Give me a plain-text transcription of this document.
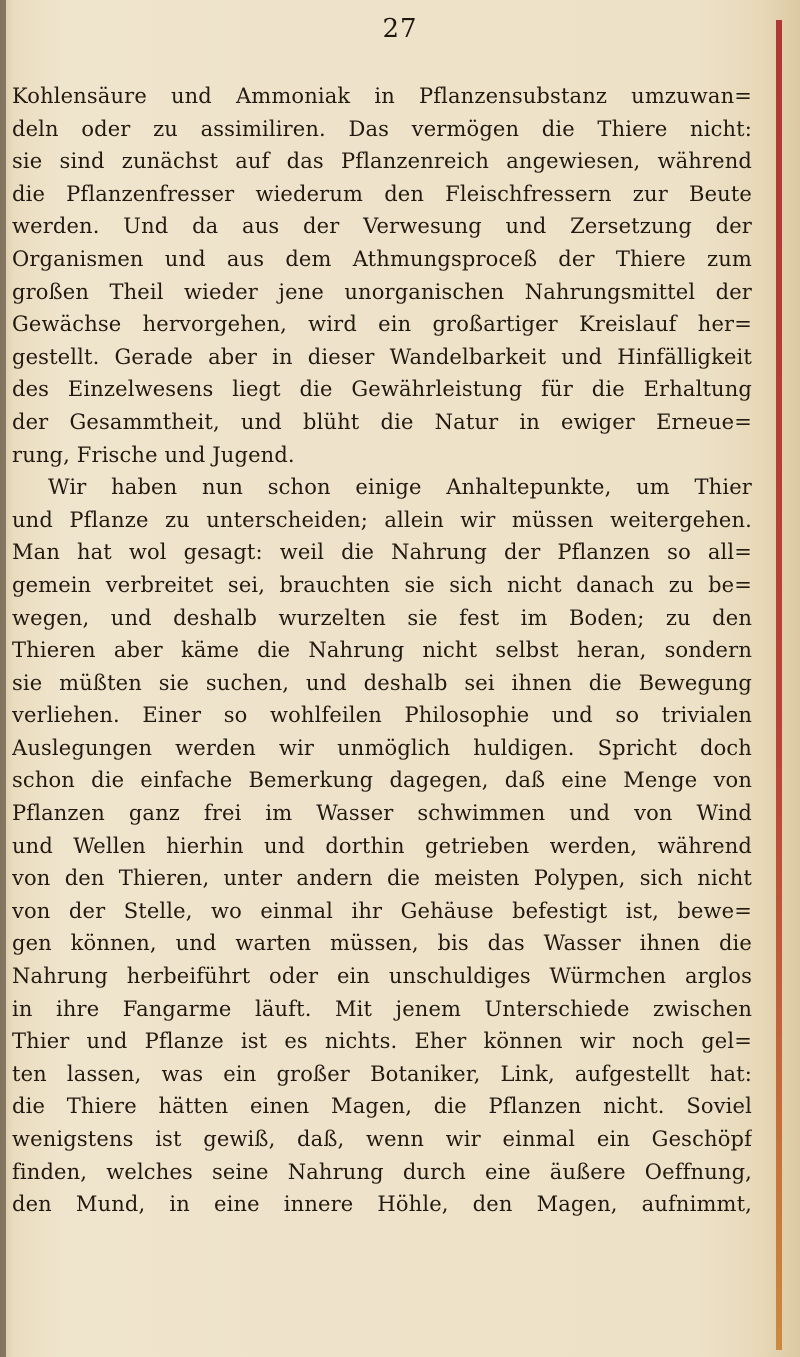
27
Kohlensäure und Ammoniak in Pflanzensubstanz umzuwan=
deln oder zu assimiliren. Das vermögen die Thiere nicht:
sie sind zunächst auf das Pflanzenreich angewiesen, während
die Pflanzenfresser wiederum den Fleischfressern zur Beute
werden. Und da aus der Verwesung und Zersetzung der
Organismen und aus dem Athmungsproceß der Thiere zum
großen Theil wieder jene unorganischen Nahrungsmittel der
Gewächse hervorgehen, wird ein großartiger Kreislauf her=
gestellt. Gerade aber in dieser Wandelbarkeit und Hinfälligkeit
des Einzelwesens liegt die Gewährleistung für die Erhaltung
der Gesammtheit, und blüht die Natur in ewiger Erneue=
rung, Frische und Jugend.
Wir haben nun schon einige Anhaltepunkte, um Thier
und Pflanze zu unterscheiden; allein wir müssen weitergehen.
Man hat wol gesagt: weil die Nahrung der Pflanzen so all=
gemein verbreitet sei, brauchten sie sich nicht danach zu be=
wegen, und deshalb wurzelten sie fest im Boden; zu den
Thieren aber käme die Nahrung nicht selbst heran, sondern
sie müßten sie suchen, und deshalb sei ihnen die Bewegung
verliehen. Einer so wohlfeilen Philosophie und so trivialen
Auslegungen werden wir unmöglich huldigen. Spricht doch
schon die einfache Bemerkung dagegen, daß eine Menge von
Pflanzen ganz frei im Wasser schwimmen und von Wind
und Wellen hierhin und dorthin getrieben werden, während
von den Thieren, unter andern die meisten Polypen, sich nicht
von der Stelle, wo einmal ihr Gehäuse befestigt ist, bewe=
gen können, und warten müssen, bis das Wasser ihnen die
Nahrung herbeiführt oder ein unschuldiges Würmchen arglos
in ihre Fangarme läuft. Mit jenem Unterschiede zwischen
Thier und Pflanze ist es nichts. Eher können wir noch gel=
ten lassen, was ein großer Botaniker, Link, aufgestellt hat:
die Thiere hätten einen Magen, die Pflanzen nicht. Soviel
wenigstens ist gewiß, daß, wenn wir einmal ein Geschöpf
finden, welches seine Nahrung durch eine äußere Oeffnung,
den Mund, in eine innere Höhle, den Magen, aufnimmt,
